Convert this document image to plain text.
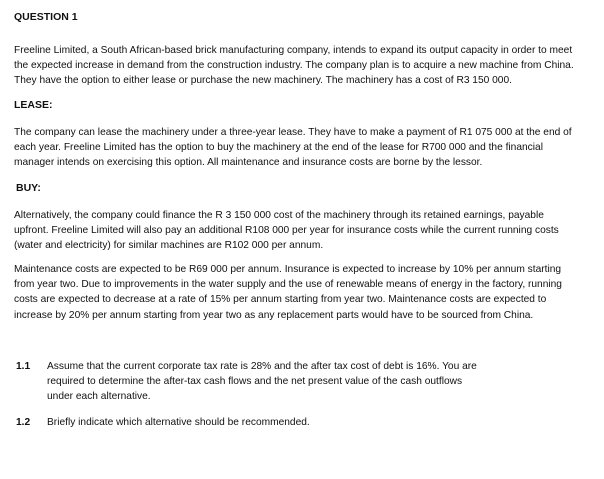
QUESTION 1
Freeline Limited, a South African-based brick manufacturing company, intends to expand its output capacity in order to meet the expected increase in demand from the construction industry. The company plan is to acquire a new machine from China. They have the option to either lease or purchase the new machinery. The machinery has a cost of R3 150 000.
LEASE:
The company can lease the machinery under a three-year lease. They have to make a payment of R1 075 000 at the end of each year. Freeline Limited has the option to buy the machinery at the end of the lease for R700 000 and the financial manager intends on exercising this option. All maintenance and insurance costs are borne by the lessor.
BUY:
Alternatively, the company could finance the R 3 150 000 cost of the machinery through its retained earnings, payable upfront. Freeline Limited will also pay an additional R108 000 per year for insurance costs while the current running costs (water and electricity) for similar machines are R102 000 per annum.
Maintenance costs are expected to be R69 000 per annum. Insurance is expected to increase by 10% per annum starting from year two. Due to improvements in the water supply and the use of renewable means of energy in the factory, running costs are expected to decrease at a rate of 15% per annum starting from year two. Maintenance costs are expected to increase by 20% per annum starting from year two as any replacement parts would have to be sourced from China.
1.1 Assume that the current corporate tax rate is 28% and the after tax cost of debt is 16%. You are required to determine the after-tax cash flows and the net present value of the cash outflows under each alternative.
1.2 Briefly indicate which alternative should be recommended.
